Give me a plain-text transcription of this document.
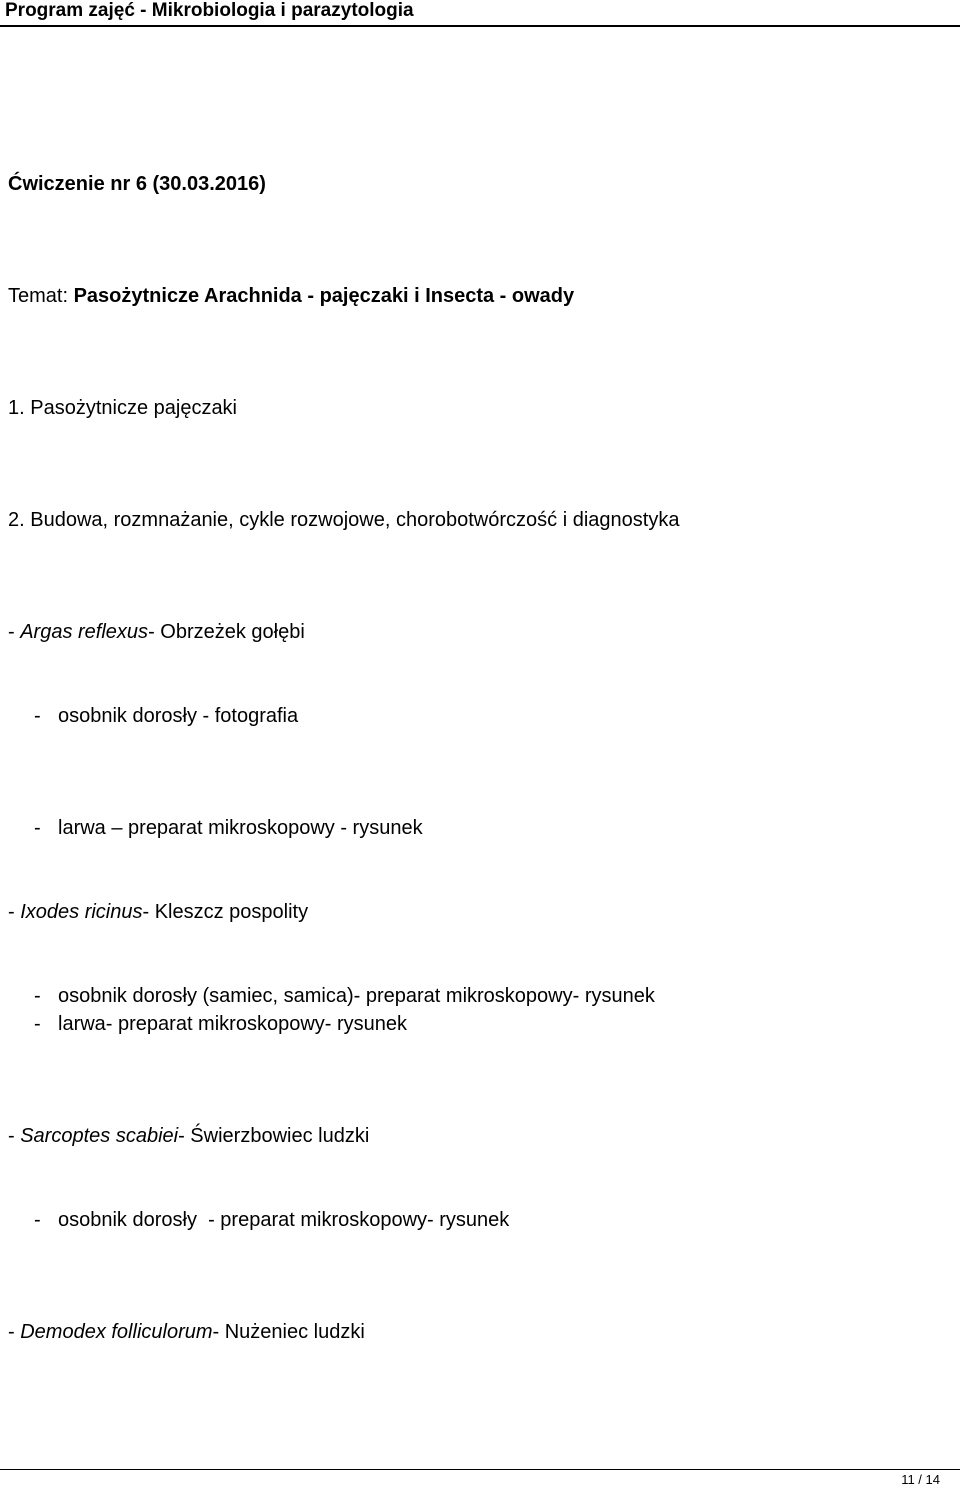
Program zajęć - Mikrobiologia i parazytologia
Ćwiczenie nr 6 (30.03.2016)
Temat: Pasożytnicze Arachnida - pajęczaki i Insecta - owady
1. Pasożytnicze pajęczaki
2. Budowa, rozmnażanie, cykle rozwojowe, chorobotwórczość i diagnostyka
- Argas reflexus- Obrzeżek gołębi
- osobnik dorosły - fotografia
- larwa – preparat mikroskopowy - rysunek
- Ixodes ricinus- Kleszcz pospolity
- osobnik dorosły (samiec, samica)- preparat mikroskopowy- rysunek
- larwa- preparat mikroskopowy- rysunek
- Sarcoptes scabiei- Świerzbowiec ludzki
- osobnik dorosły  - preparat mikroskopowy- rysunek
- Demodex folliculorum- Nużeniec ludzki
11 / 14
